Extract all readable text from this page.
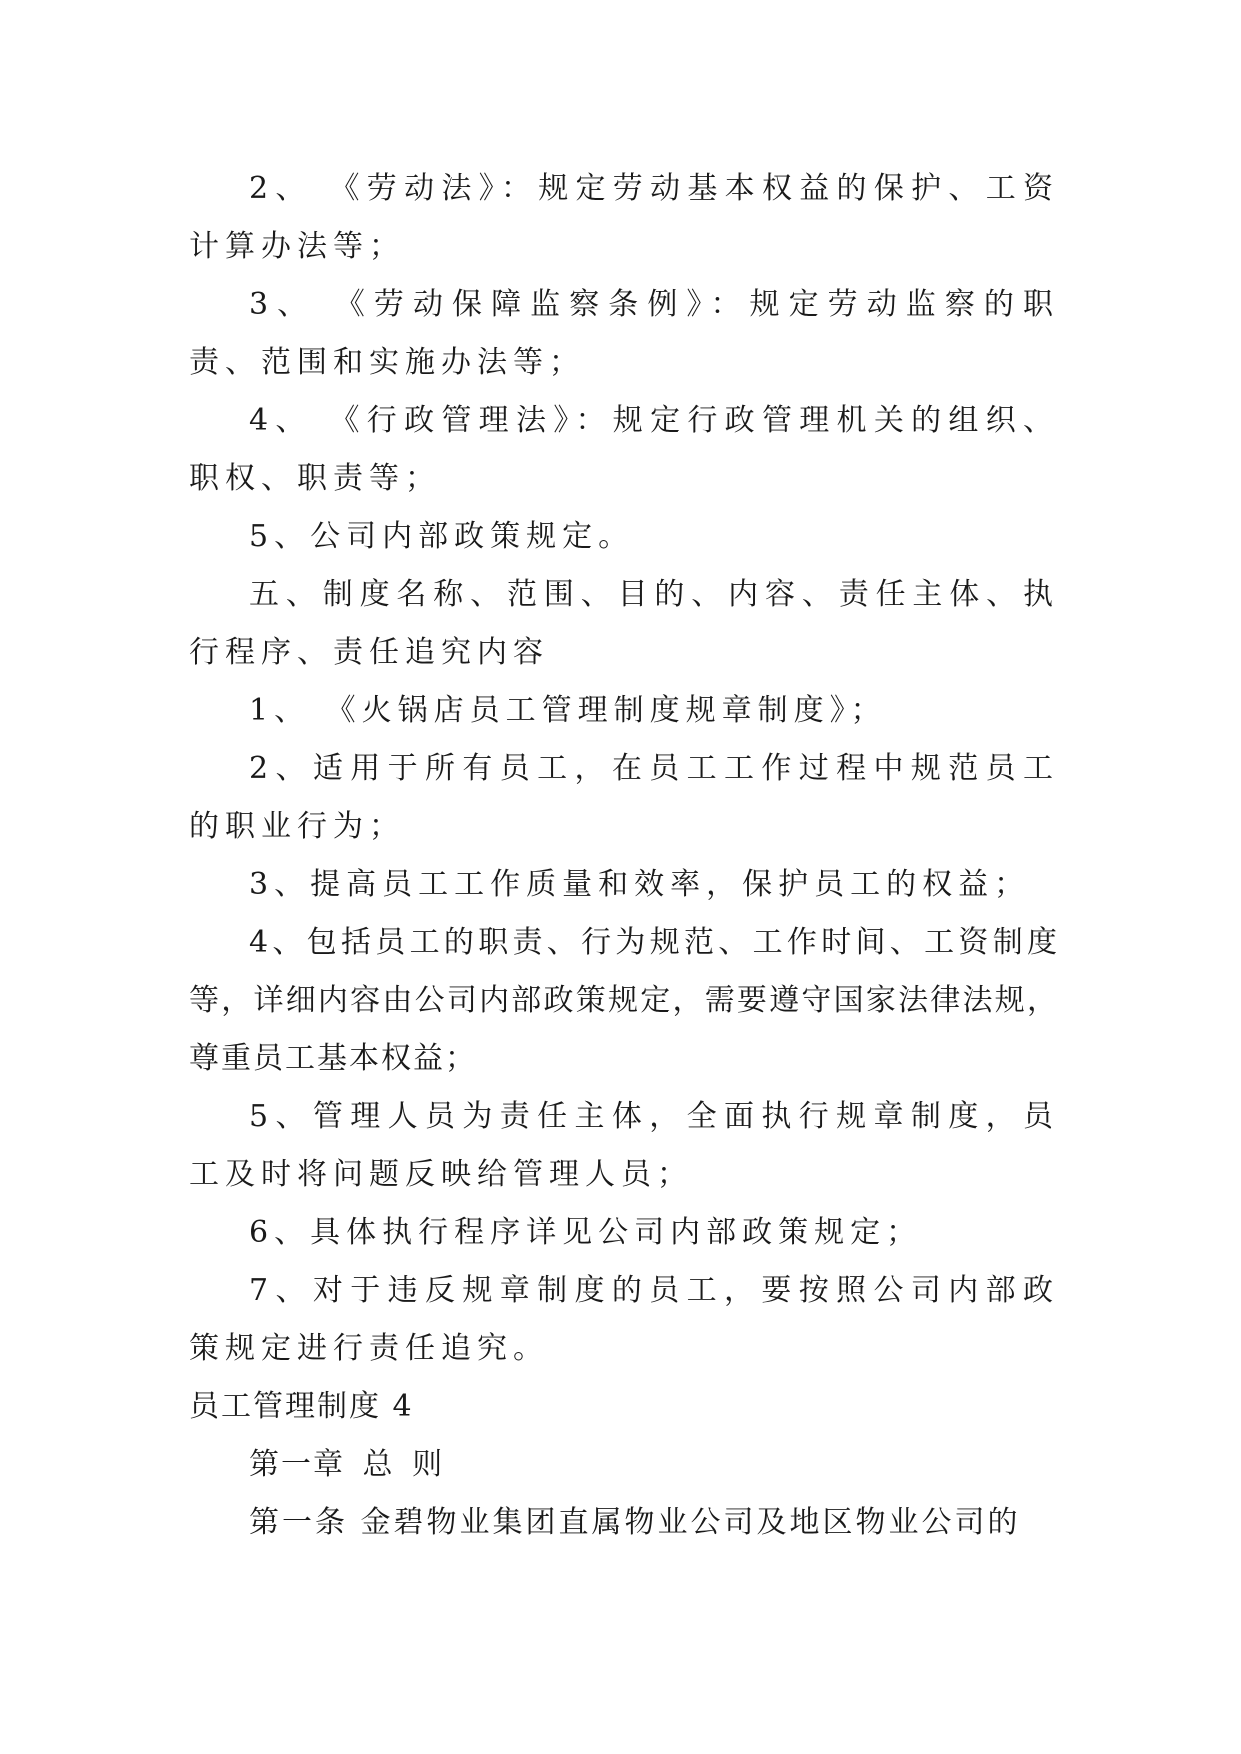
2、 《劳动法》：规定劳动基本权益的保护、工资计算办法等；

3、 《劳动保障监察条例》：规定劳动监察的职责、范围和实施办法等；

4、 《行政管理法》：规定行政管理机关的组织、职权、职责等；

5、公司内部政策规定。

五、制度名称、范围、目的、内容、责任主体、执行程序、责任追究内容

1、 《火锅店员工管理制度规章制度》；

2、适用于所有员工，在员工工作过程中规范员工的职业行为；

3、提高员工工作质量和效率，保护员工的权益；

4、包括员工的职责、行为规范、工作时间、工资制度等，详细内容由公司内部政策规定，需要遵守国家法律法规，尊重员工基本权益；

5、管理人员为责任主体，全面执行规章制度，员工及时将问题反映给管理人员；

6、具体执行程序详见公司内部政策规定；

7、对于违反规章制度的员工，要按照公司内部政策规定进行责任追究。

员工管理制度 4

第一章 总 则

第一条 金碧物业集团直属物业公司及地区物业公司的
